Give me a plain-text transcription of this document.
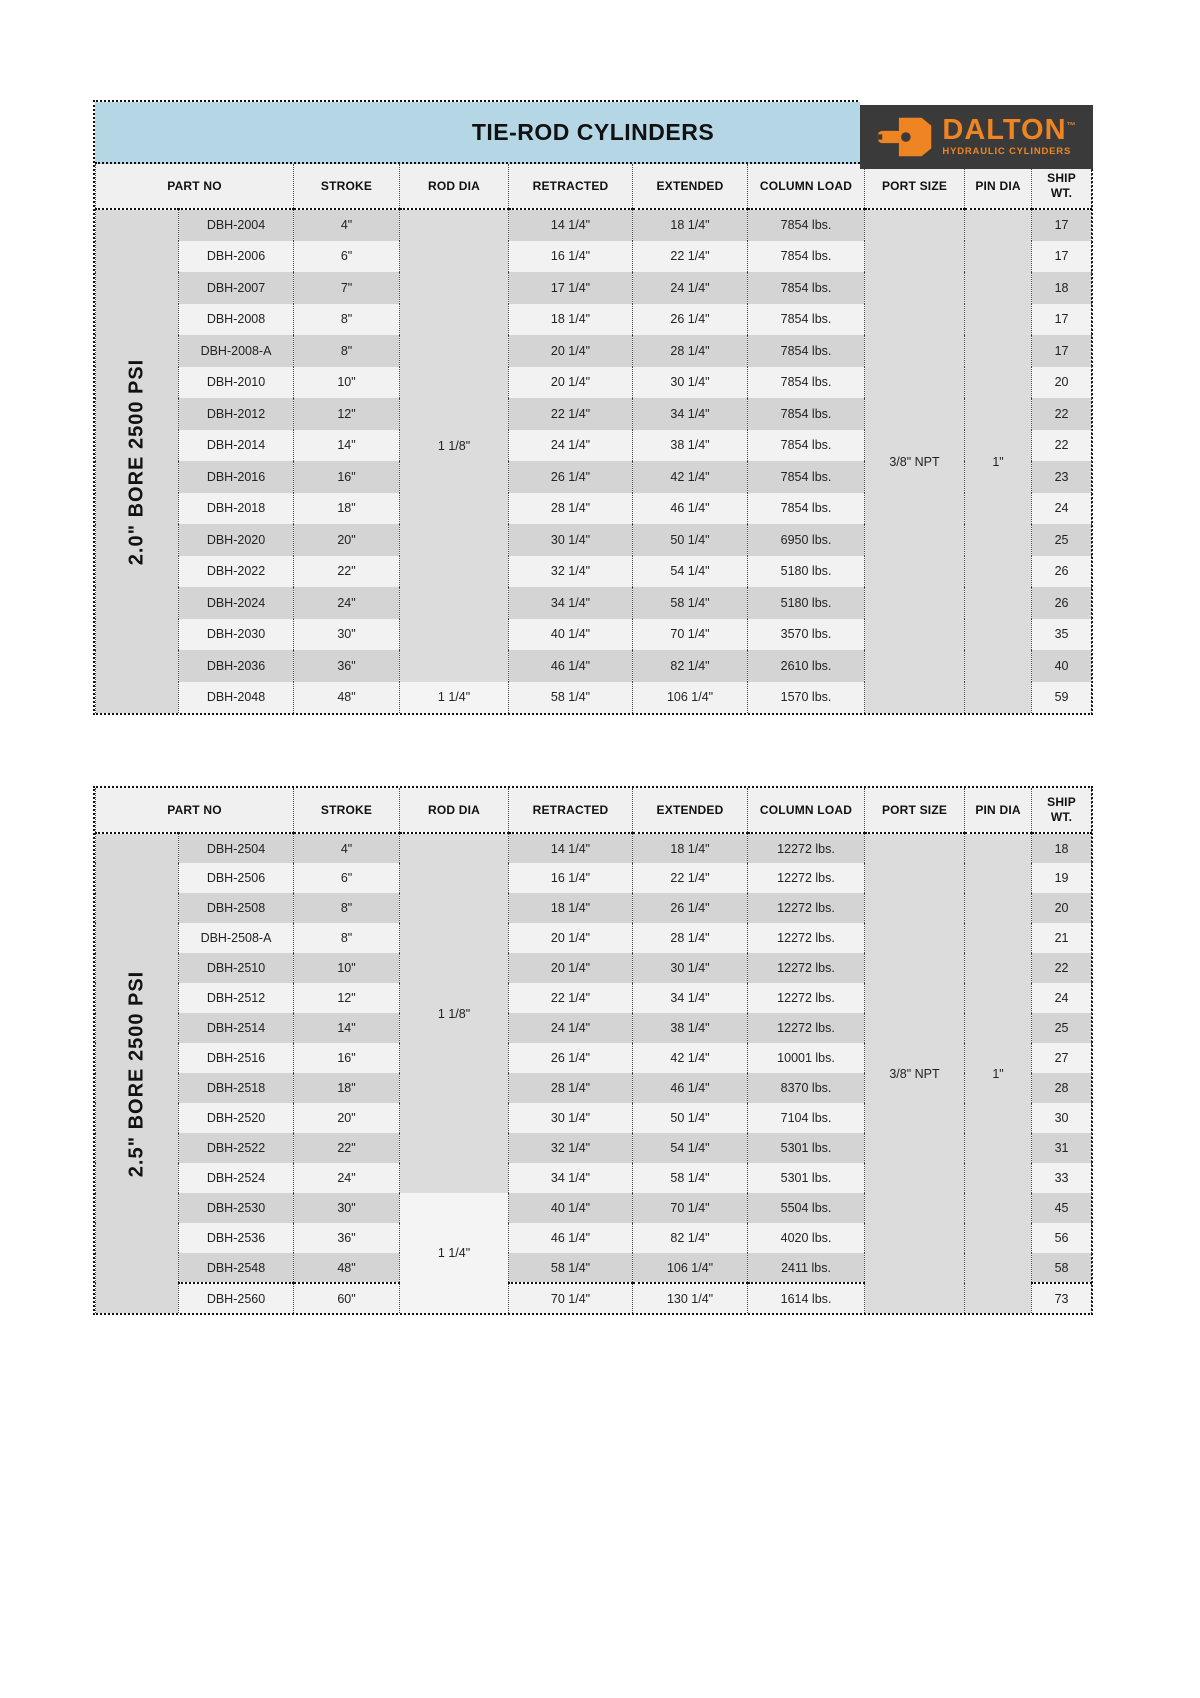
TIE-ROD CYLINDERS	DALTON™
HYDRAULIC CYLINDERS
PART NO		STROKE	ROD DIA	RETRACTED	EXTENDED	COLUMN LOAD	PORT SIZE	PIN DIA	SHIP WT.

2.0" BORE 2500 PSI	DBH-2004	4"	1 1/8"	14 1/4"	18 1/4"	7854 lbs.	3/8" NPT	1"	17
	DBH-2006	6"		16 1/4"	22 1/4"	7854 lbs.			17
	DBH-2007	7"		17 1/4"	24 1/4"	7854 lbs.			18
	DBH-2008	8"		18 1/4"	26 1/4"	7854 lbs.			17
	DBH-2008-A	8"		20 1/4"	28 1/4"	7854 lbs.			17
	DBH-2010	10"		20 1/4"	30 1/4"	7854 lbs.			20
	DBH-2012	12"		22 1/4"	34 1/4"	7854 lbs.			22
	DBH-2014	14"		24 1/4"	38 1/4"	7854 lbs.			22
	DBH-2016	16"		26 1/4"	42 1/4"	7854 lbs.			23
	DBH-2018	18"		28 1/4"	46 1/4"	7854 lbs.			24
	DBH-2020	20"		30 1/4"	50 1/4"	6950 lbs.			25
	DBH-2022	22"		32 1/4"	54 1/4"	5180 lbs.			26
	DBH-2024	24"		34 1/4"	58 1/4"	5180 lbs.			26
	DBH-2030	30"		40 1/4"	70 1/4"	3570 lbs.			35
	DBH-2036	36"		46 1/4"	82 1/4"	2610 lbs.			40
	DBH-2048	48"	1 1/4"	58 1/4"	106 1/4"	1570 lbs.			59
PART NO		STROKE	ROD DIA	RETRACTED	EXTENDED	COLUMN LOAD	PORT SIZE	PIN DIA	SHIP WT.

2.5" BORE 2500 PSI	DBH-2504	4"	1 1/8"	14 1/4"	18 1/4"	12272 lbs.	3/8" NPT	1"	18
	DBH-2506	6"		16 1/4"	22 1/4"	12272 lbs.			19
	DBH-2508	8"		18 1/4"	26 1/4"	12272 lbs.			20
	DBH-2508-A	8"		20 1/4"	28 1/4"	12272 lbs.			21
	DBH-2510	10"		20 1/4"	30 1/4"	12272 lbs.			22
	DBH-2512	12"		22 1/4"	34 1/4"	12272 lbs.			24
	DBH-2514	14"		24 1/4"	38 1/4"	12272 lbs.			25
	DBH-2516	16"		26 1/4"	42 1/4"	10001 lbs.			27
	DBH-2518	18"		28 1/4"	46 1/4"	8370 lbs.			28
	DBH-2520	20"		30 1/4"	50 1/4"	7104 lbs.			30
	DBH-2522	22"		32 1/4"	54 1/4"	5301 lbs.			31
	DBH-2524	24"		34 1/4"	58 1/4"	5301 lbs.			33
	DBH-2530	30"	1 1/4"	40 1/4"	70 1/4"	5504 lbs.			45
	DBH-2536	36"		46 1/4"	82 1/4"	4020 lbs.			56
	DBH-2548	48"		58 1/4"	106 1/4"	2411 lbs.			58
	DBH-2560	60"		70 1/4"	130 1/4"	1614 lbs.			73
